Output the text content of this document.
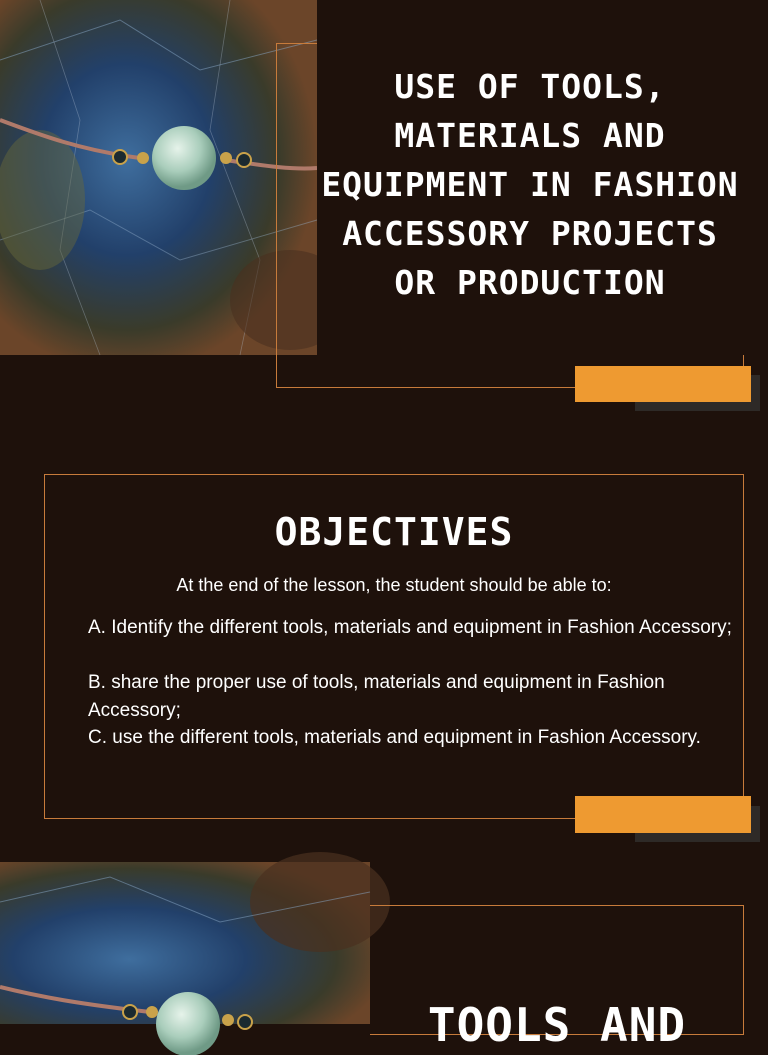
USE OF TOOLS, MATERIALS AND EQUIPMENT IN FASHION ACCESSORY PROJECTS OR PRODUCTION
OBJECTIVES
At the end of the lesson, the student should be able to:
A. Identify the different tools, materials and equipment in Fashion Accessory;
B. share the proper use of tools, materials and equipment in Fashion Accessory;
C. use the different tools, materials and equipment in Fashion Accessory.
TOOLS AND
